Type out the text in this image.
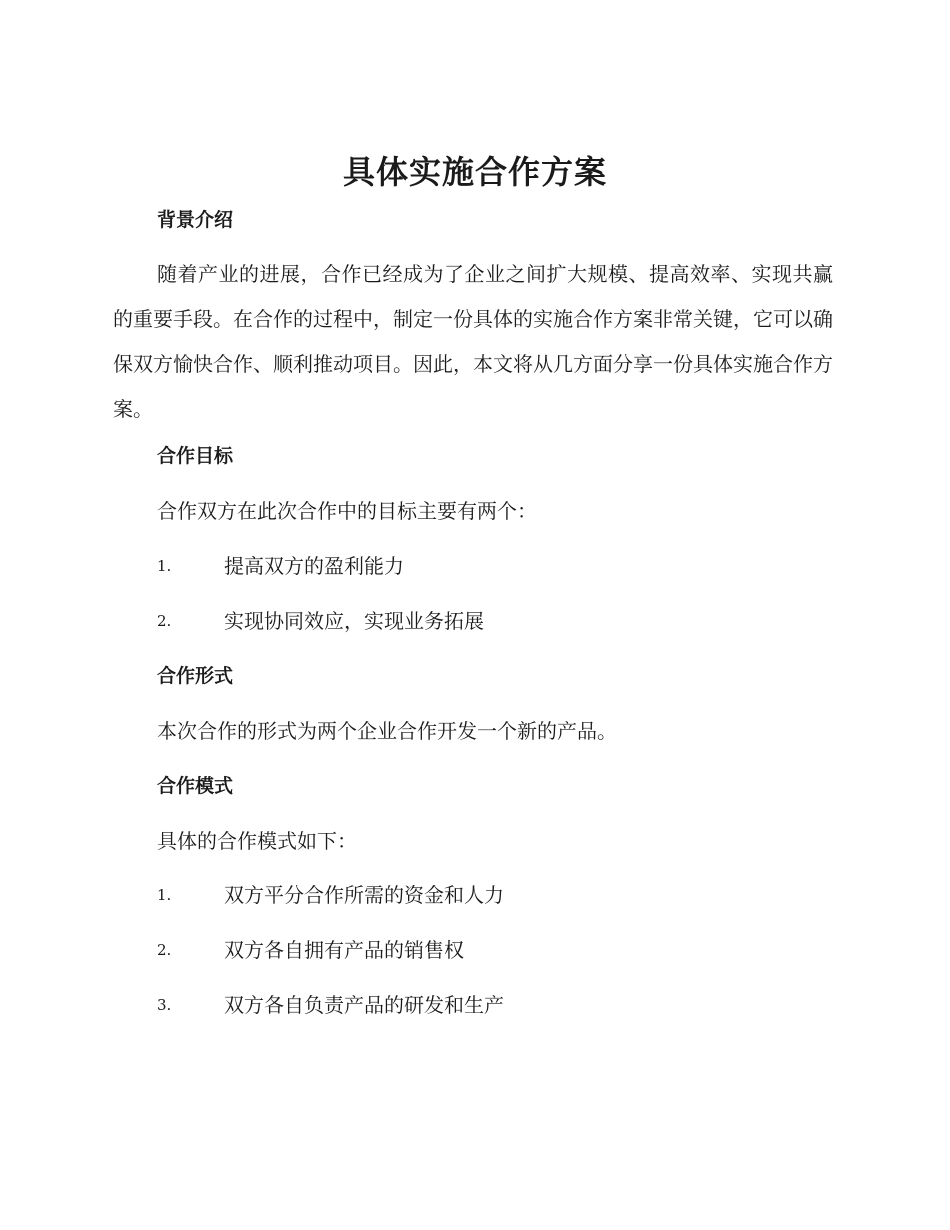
具体实施合作方案
背景介绍
随着产业的进展，合作已经成为了企业之间扩大规模、提高效率、实现共赢的重要手段。在合作的过程中，制定一份具体的实施合作方案非常关键，它可以确保双方愉快合作、顺利推动项目。因此，本文将从几方面分享一份具体实施合作方案。
合作目标
合作双方在此次合作中的目标主要有两个：
1.	提高双方的盈利能力
2.	实现协同效应，实现业务拓展
合作形式
本次合作的形式为两个企业合作开发一个新的产品。
合作模式
具体的合作模式如下：
1.	双方平分合作所需的资金和人力
2.	双方各自拥有产品的销售权
3.	双方各自负责产品的研发和生产
